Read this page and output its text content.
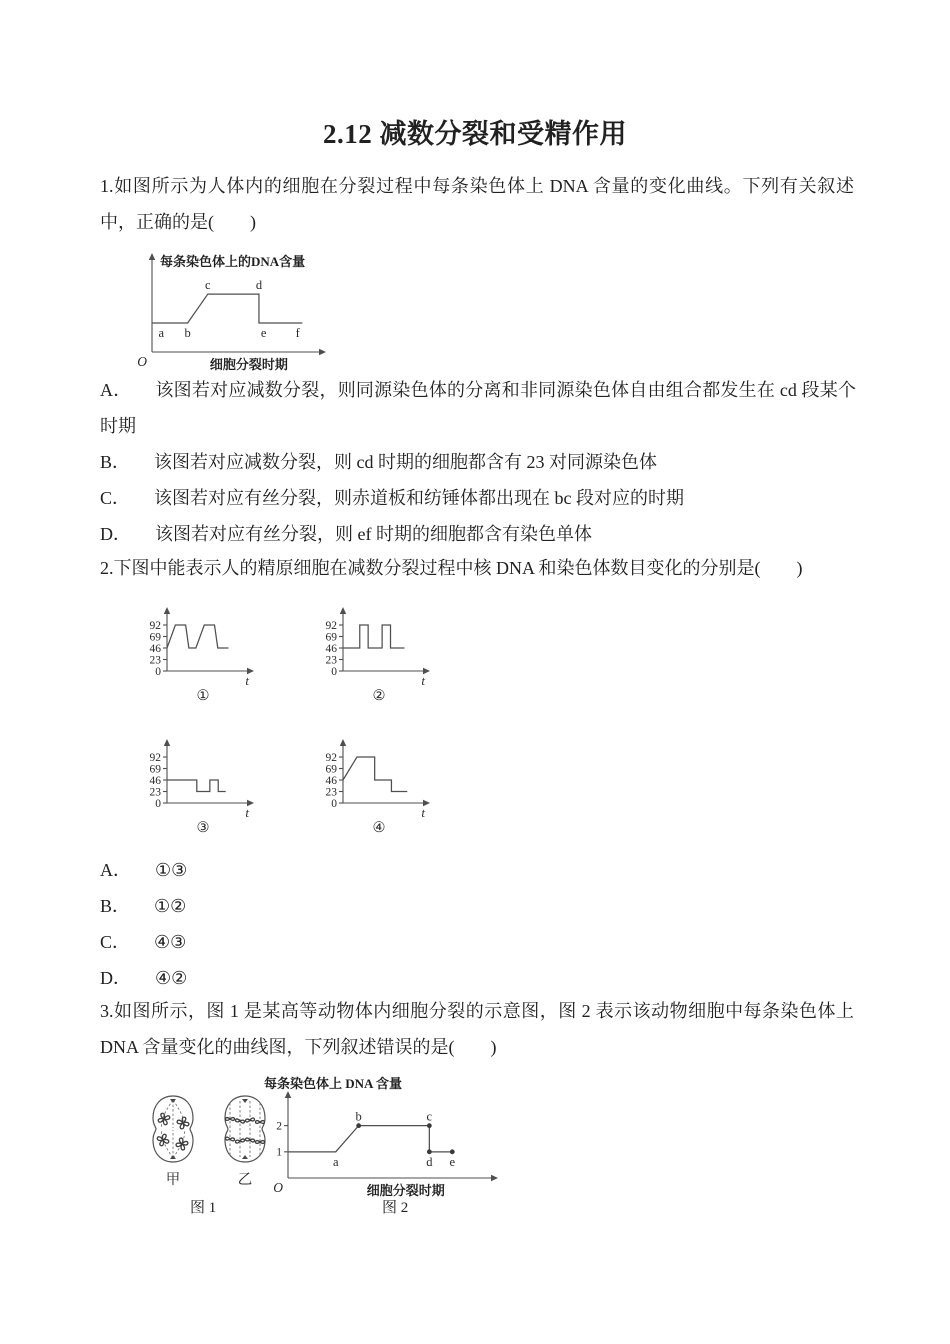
2.12 减数分裂和受精作用
1.如图所示为人体内的细胞在分裂过程中每条染色体上 DNA 含量的变化曲线。下列有关叙述中，正确的是(　　)
a b
c	d
e f
每条染色体上的DNA含量
O	细胞分裂时期

A． 该图若对应减数分裂，则同源染色体的分离和非同源染色体自由组合都发生在 cd 段某个时期

B． 该图若对应减数分裂，则 cd 时期的细胞都含有 23 对同源染色体

C． 该图若对应有丝分裂，则赤道板和纺锤体都出现在 bc 段对应的时期

D． 该图若对应有丝分裂，则 ef 时期的细胞都含有染色单体

2.下图中能表示人的精原细胞在减数分裂过程中核 DNA 和染色体数目变化的分别是(　　)
0
23
46
69
92
t
①
0
23
46
69
92
t
②
0
23
46
69
92
t
③
0
23
46
69
92
t
④

A． ①③

B． ①②

C． ④③

D． ④②

3.如图所示，图 1 是某高等动物体内细胞分裂的示意图，图 2 表示该动物细胞中每条染色体上 DNA 含量变化的曲线图，下列叙述错误的是(　　)
甲	乙
1
2
a
b	c
d e
每条染色体上 DNA 含量
O	细胞分裂时期
图 1	图 2
